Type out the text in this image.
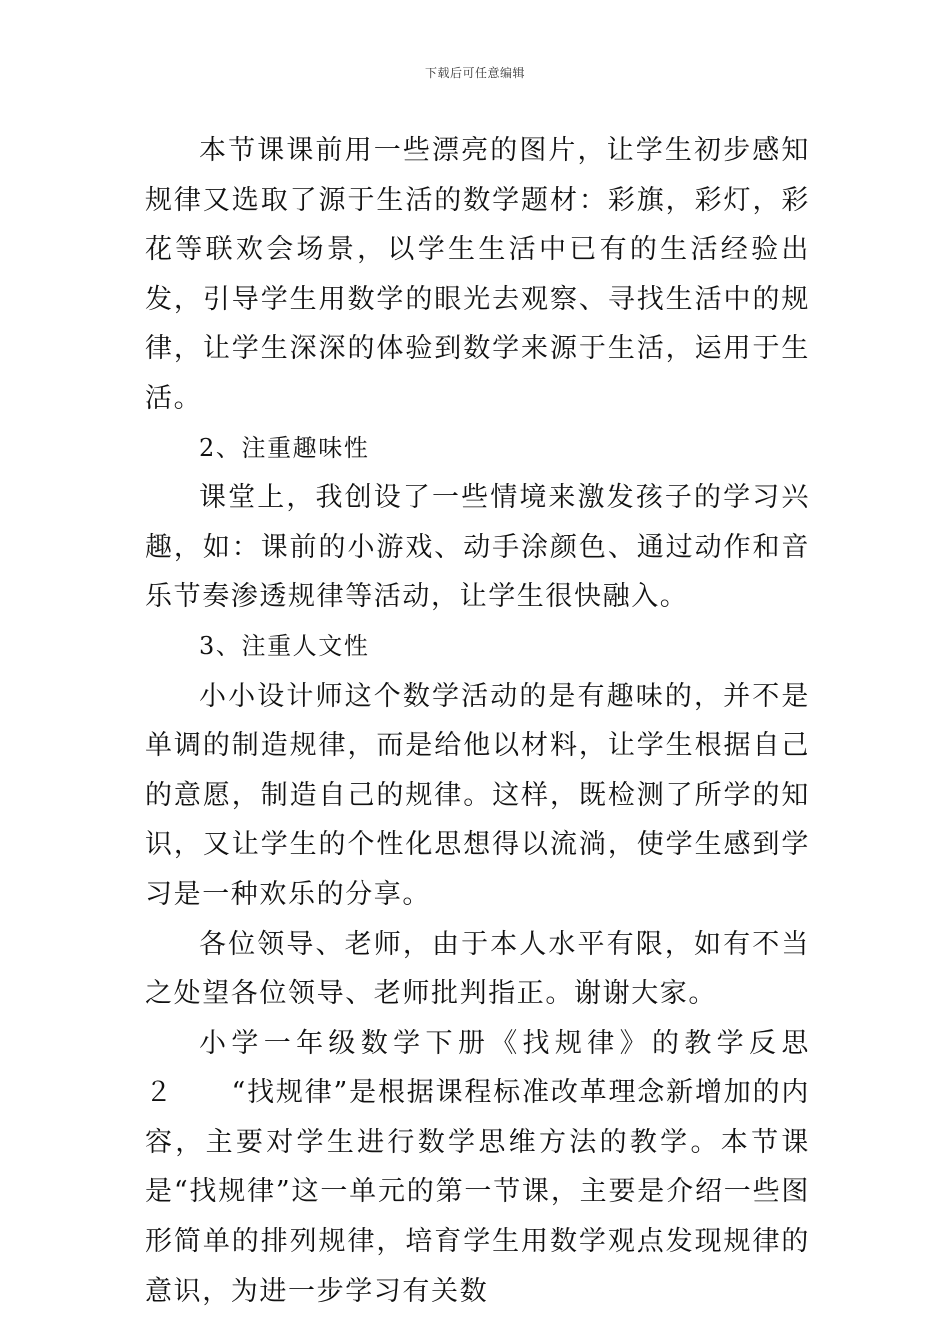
下载后可任意编辑

本节课课前用一些漂亮的图片，让学生初步感知规律又选取了源于生活的数学题材：彩旗，彩灯，彩花等联欢会场景，以学生生活中已有的生活经验出发，引导学生用数学的眼光去观察、寻找生活中的规律，让学生深深的体验到数学来源于生活，运用于生活。

2、注重趣味性

课堂上，我创设了一些情境来激发孩子的学习兴趣，如：课前的小游戏、动手涂颜色、通过动作和音乐节奏渗透规律等活动，让学生很快融入。

3、注重人文性

小小设计师这个数学活动的是有趣味的，并不是单调的制造规律，而是给他以材料，让学生根据自己的意愿，制造自己的规律。这样，既检测了所学的知识，又让学生的个性化思想得以流淌，使学生感到学习是一种欢乐的分享。

各位领导、老师，由于本人水平有限，如有不当之处望各位领导、老师批判指正。谢谢大家。

小学一年级数学下册《找规律》的教学反思２　　“找规律”是根据课程标准改革理念新增加的内容，主要对学生进行数学思维方法的教学。本节课是“找规律”这一单元的第一节课，主要是介绍一些图形简单的排列规律，培育学生用数学观点发现规律的意识，为进一步学习有关数
